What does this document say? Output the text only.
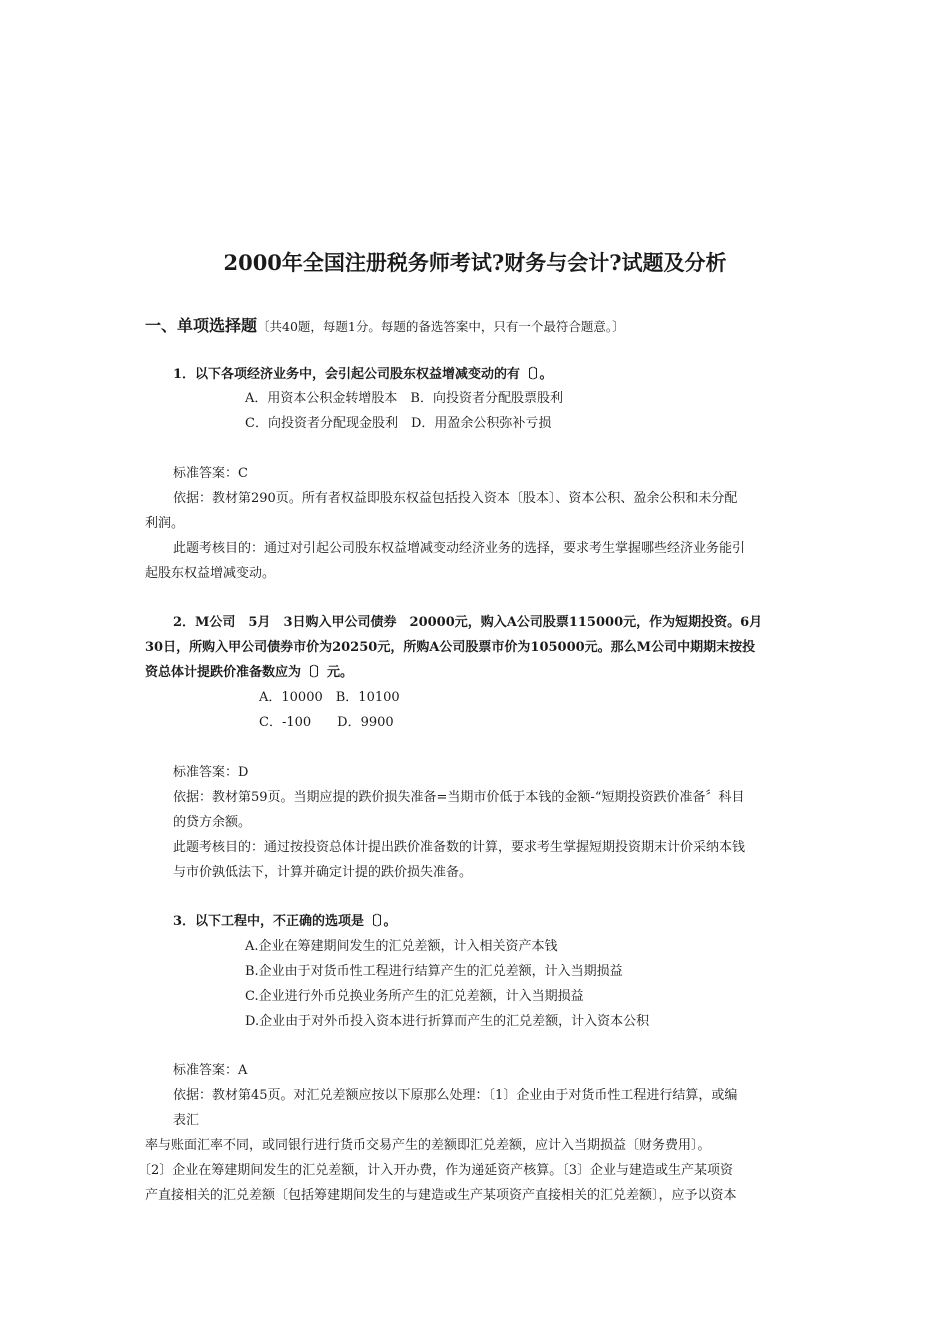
2000年全国注册税务师考试?财务与会计?试题及分析
一、单项选择题〔共40题，每题1分。每题的备选答案中，只有一个最符合题意。〕
1．以下各项经济业务中，会引起公司股东权益增减变动的有〔〕。
A．用资本公积金转增股本　B．向投资者分配股票股利
C．向投资者分配现金股利　D．用盈余公积弥补亏损
标准答案：C
依据：教材第290页。所有者权益即股东权益包括投入资本〔股本〕、资本公积、盈余公积和未分配
利润。
此题考核目的：通过对引起公司股东权益增减变动经济业务的选择，要求考生掌握哪些经济业务能引
起股东权益增减变动。
2．M公司　5月　3日购入甲公司债券　20000元，购入A公司股票115000元，作为短期投资。6月
30日，所购入甲公司债券市价为20250元，所购A公司股票市价为105000元。那么M公司中期期末按投
资总体计提跌价准备数应为〔〕元。
A．10000　B．10100
C．-100　　D．9900
标准答案：D
依据：教材第59页。当期应提的跌价损失准备=当期市价低于本钱的金额-“短期投资跌价准备〞科目
的贷方余额。
此题考核目的：通过按投资总体计提出跌价准备数的计算，要求考生掌握短期投资期末计价采纳本钱
与市价孰低法下，计算并确定计提的跌价损失准备。
3．以下工程中，不正确的选项是〔〕。
A.企业在筹建期间发生的汇兑差额，计入相关资产本钱
B.企业由于对货币性工程进行结算产生的汇兑差额，计入当期损益
C.企业进行外币兑换业务所产生的汇兑差额，计入当期损益
D.企业由于对外币投入资本进行折算而产生的汇兑差额，计入资本公积
标准答案：A
依据：教材第45页。对汇兑差额应按以下原那么处理：〔1〕企业由于对货币性工程进行结算，或编
表汇
率与账面汇率不同，或同银行进行货币交易产生的差额即汇兑差额，应计入当期损益〔财务费用〕。
〔2〕企业在筹建期间发生的汇兑差额，计入开办费，作为递延资产核算。〔3〕企业与建造或生产某项资
产直接相关的汇兑差额〔包括筹建期间发生的与建造或生产某项资产直接相关的汇兑差额〕，应予以资本
